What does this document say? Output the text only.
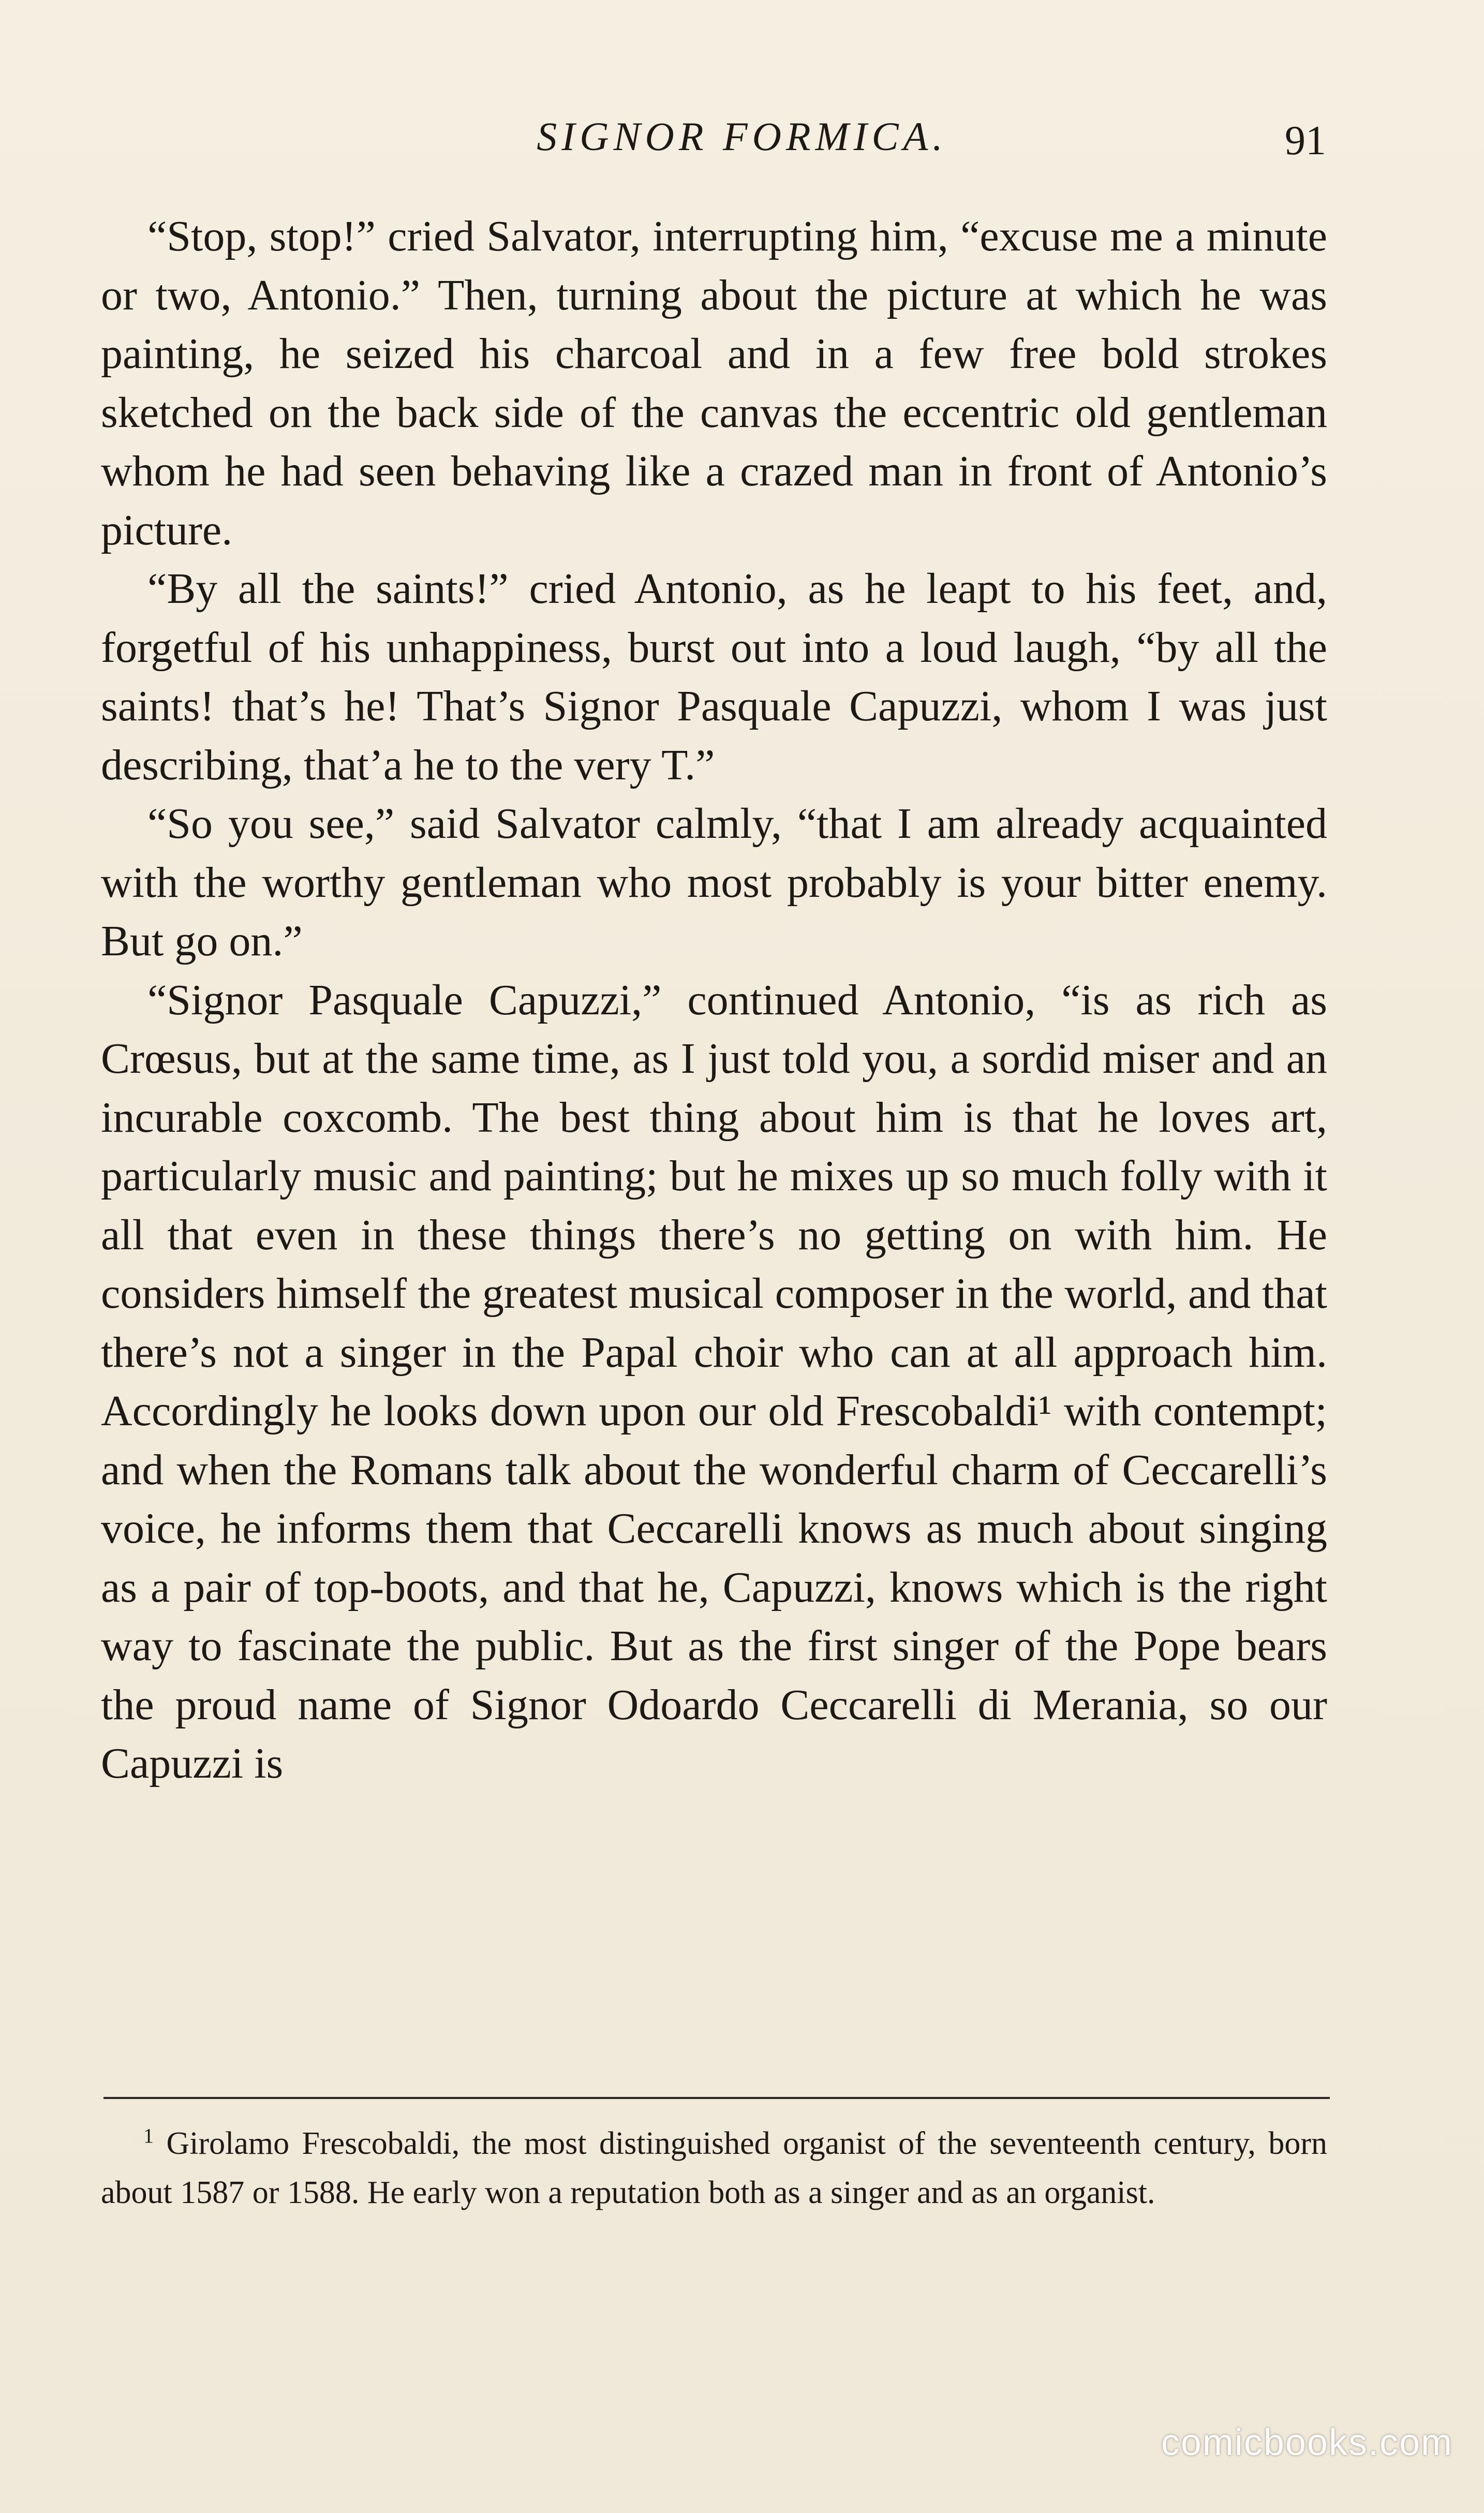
SIGNOR FORMICA.	91

“Stop, stop!” cried Salvator, interrupting him, “excuse me a minute or two, Antonio.” Then, turning about the picture at which he was painting, he seized his charcoal and in a few free bold strokes sketched on the back side of the canvas the eccentric old gentleman whom he had seen behaving like a crazed man in front of Antonio’s picture.

“By all the saints!” cried Antonio, as he leapt to his feet, and, forgetful of his unhappiness, burst out into a loud laugh, “by all the saints! that’s he! That’s Signor Pasquale Capuzzi, whom I was just describing, that’a he to the very T.”

“So you see,” said Salvator calmly, “that I am already acquainted with the worthy gentleman who most probably is your bitter enemy. But go on.”

“Signor Pasquale Capuzzi,” continued Antonio, “is as rich as Crœsus, but at the same time, as I just told you, a sordid miser and an incurable coxcomb. The best thing about him is that he loves art, particularly music and painting; but he mixes up so much folly with it all that even in these things there’s no getting on with him. He considers himself the greatest musical composer in the world, and that there’s not a singer in the Papal choir who can at all approach him. Accordingly he looks down upon our old Frescobaldi¹ with contempt; and when the Romans talk about the wonderful charm of Ceccarelli’s voice, he informs them that Ceccarelli knows as much about singing as a pair of top-boots, and that he, Capuzzi, knows which is the right way to fascinate the public. But as the first singer of the Pope bears the proud name of Signor Odoardo Ceccarelli di Merania, so our Capuzzi is

$^1$ Girolamo Frescobaldi, the most distinguished organist of the seventeenth century, born about 1587 or 1588. He early won a reputation both as a singer and as an organist.
comicbooks.com
